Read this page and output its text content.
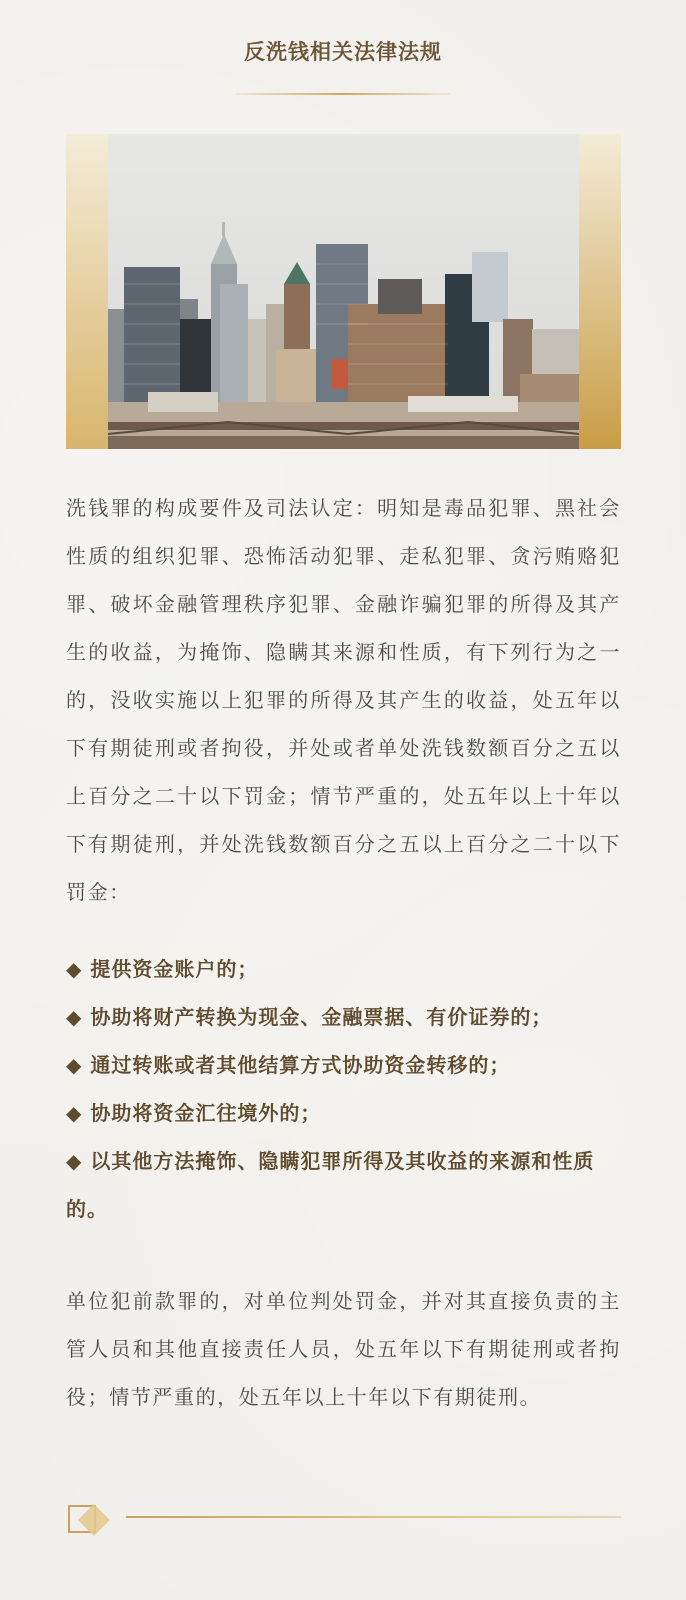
反洗钱相关法律法规
洗钱罪的构成要件及司法认定：明知是毒品犯罪、黑社会性质的组织犯罪、恐怖活动犯罪、走私犯罪、贪污贿赂犯罪、破坏金融管理秩序犯罪、金融诈骗犯罪的所得及其产生的收益，为掩饰、隐瞒其来源和性质，有下列行为之一的，没收实施以上犯罪的所得及其产生的收益，处五年以下有期徒刑或者拘役，并处或者单处洗钱数额百分之五以上百分之二十以下罚金；情节严重的，处五年以上十年以下有期徒刑，并处洗钱数额百分之五以上百分之二十以下罚金：
◆ 提供资金账户的；
◆ 协助将财产转换为现金、金融票据、有价证券的；
◆ 通过转账或者其他结算方式协助资金转移的；
◆ 协助将资金汇往境外的；
◆ 以其他方法掩饰、隐瞒犯罪所得及其收益的来源和性质的。
单位犯前款罪的，对单位判处罚金，并对其直接负责的主管人员和其他直接责任人员，处五年以下有期徒刑或者拘役；情节严重的，处五年以上十年以下有期徒刑。
